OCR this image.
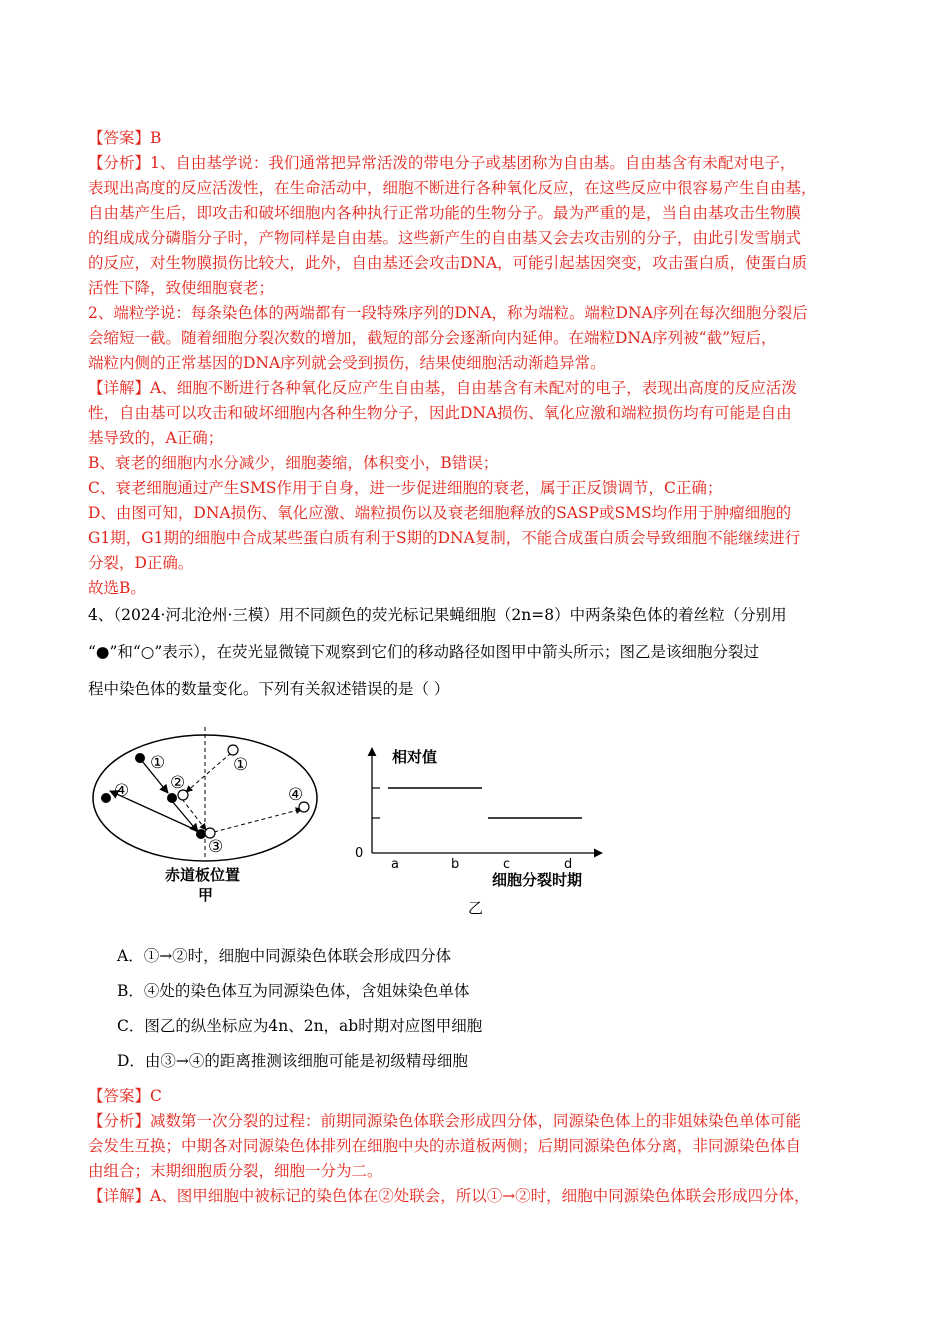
【答案】B
【分析】1、自由基学说：我们通常把异常活泼的带电分子或基团称为自由基。自由基含有未配对电子，
表现出高度的反应活泼性，在生命活动中，细胞不断进行各种氧化反应，在这些反应中很容易产生自由基，
自由基产生后，即攻击和破坏细胞内各种执行正常功能的生物分子。最为严重的是，当自由基攻击生物膜
的组成成分磷脂分子时，产物同样是自由基。这些新产生的自由基又会去攻击别的分子，由此引发雪崩式
的反应，对生物膜损伤比较大，此外，自由基还会攻击DNA，可能引起基因突变，攻击蛋白质，使蛋白质
活性下降，致使细胞衰老；
2、端粒学说：每条染色体的两端都有一段特殊序列的DNA，称为端粒。端粒DNA序列在每次细胞分裂后
会缩短一截。随着细胞分裂次数的增加，截短的部分会逐渐向内延伸。在端粒DNA序列被“截”短后，
端粒内侧的正常基因的DNA序列就会受到损伤，结果使细胞活动渐趋异常。
【详解】A、细胞不断进行各种氧化反应产生自由基，自由基含有未配对的电子，表现出高度的反应活泼
性，自由基可以攻击和破坏细胞内各种生物分子，因此DNA损伤、氧化应激和端粒损伤均有可能是自由
基导致的，A正确；
B、衰老的细胞内水分减少，细胞萎缩，体积变小，B错误；
C、衰老细胞通过产生SMS作用于自身，进一步促进细胞的衰老，属于正反馈调节，C正确；
D、由图可知，DNA损伤、氧化应激、端粒损伤以及衰老细胞释放的SASP或SMS均作用于肿瘤细胞的
G1期，G1期的细胞中合成某些蛋白质有利于S期的DNA复制，不能合成蛋白质会导致细胞不能继续进行
分裂，D正确。
故选B。
4、（2024·河北沧州·三模）用不同颜色的荧光标记果蝇细胞（2n=8）中两条染色体的着丝粒（分别用
“●”和“○”表示），在荧光显微镜下观察到它们的移动路径如图甲中箭头所示；图乙是该细胞分裂过
程中染色体的数量变化。下列有关叙述错误的是（ ）
①	①
②
④	④
③
赤道板位置
甲
相对值
0
a	b	c	d
细胞分裂时期
乙
A．①→②时，细胞中同源染色体联会形成四分体
B．④处的染色体互为同源染色体，含姐妹染色单体
C．图乙的纵坐标应为4n、2n，ab时期对应图甲细胞
D．由③→④的距离推测该细胞可能是初级精母细胞
【答案】C
【分析】减数第一次分裂的过程：前期同源染色体联会形成四分体，同源染色体上的非姐妹染色单体可能
会发生互换；中期各对同源染色体排列在细胞中央的赤道板两侧；后期同源染色体分离，非同源染色体自
由组合；末期细胞质分裂，细胞一分为二。
【详解】A、图甲细胞中被标记的染色体在②处联会，所以①→②时，细胞中同源染色体联会形成四分体，
